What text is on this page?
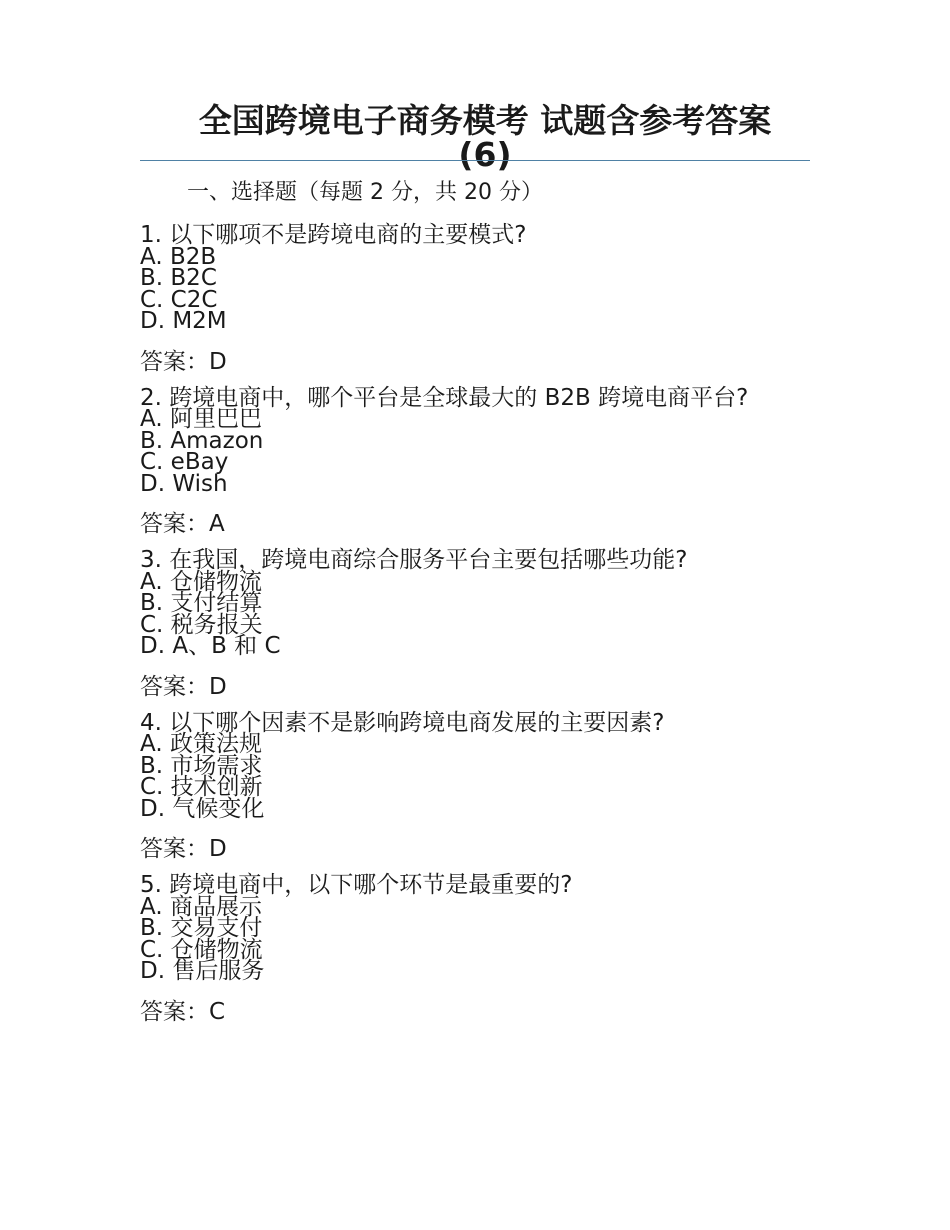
全国跨境电子商务模考 试题含参考答案
(6)

一、选择题（每题 2 分，共 20 分）

1. 以下哪项不是跨境电商的主要模式?
A. B2B
B. B2C
C. C2C
D. M2M
答案：D
2. 跨境电商中，哪个平台是全球最大的 B2B 跨境电商平台?
A. 阿里巴巴
B. Amazon
C. eBay
D. Wish
答案：A
3. 在我国，跨境电商综合服务平台主要包括哪些功能?
A. 仓储物流
B. 支付结算
C. 税务报关
D. A、B 和 C
答案：D
4. 以下哪个因素不是影响跨境电商发展的主要因素?
A. 政策法规
B. 市场需求
C. 技术创新
D. 气候变化
答案：D
5. 跨境电商中，以下哪个环节是最重要的?
A. 商品展示
B. 交易支付
C. 仓储物流
D. 售后服务
答案：C
